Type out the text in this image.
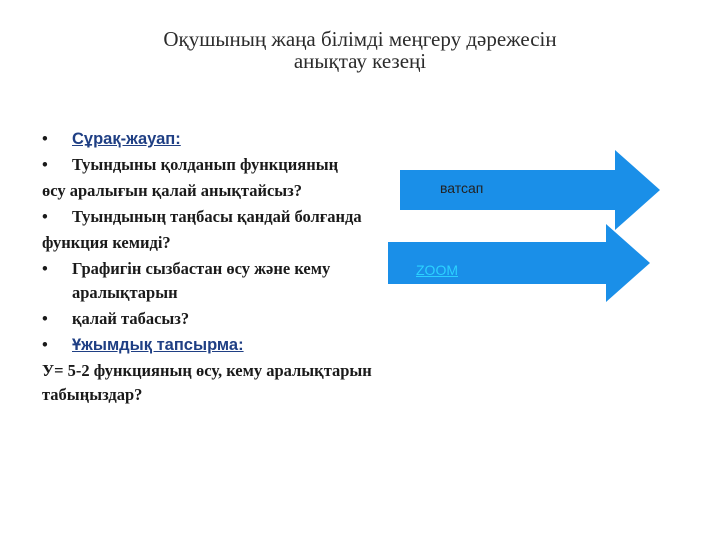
Оқушының жаңа білімді меңгеру дәрежесін
анықтау кезеңі

•	Сұрақ-жауап:

•	Туындыны қолданып функцияның

өсу аралығын қалай анықтайсыз?

•	Туындының таңбасы қандай болғанда

функция кемиді?

•	Графигін сызбастан өсу және кему аралықтарын

•	қалай табасыз?

•	Ұжымдық тапсырма:

У= 5-2 функцияның өсу, кему аралықтарын табыңыздар?

ватсап
ZOOM
